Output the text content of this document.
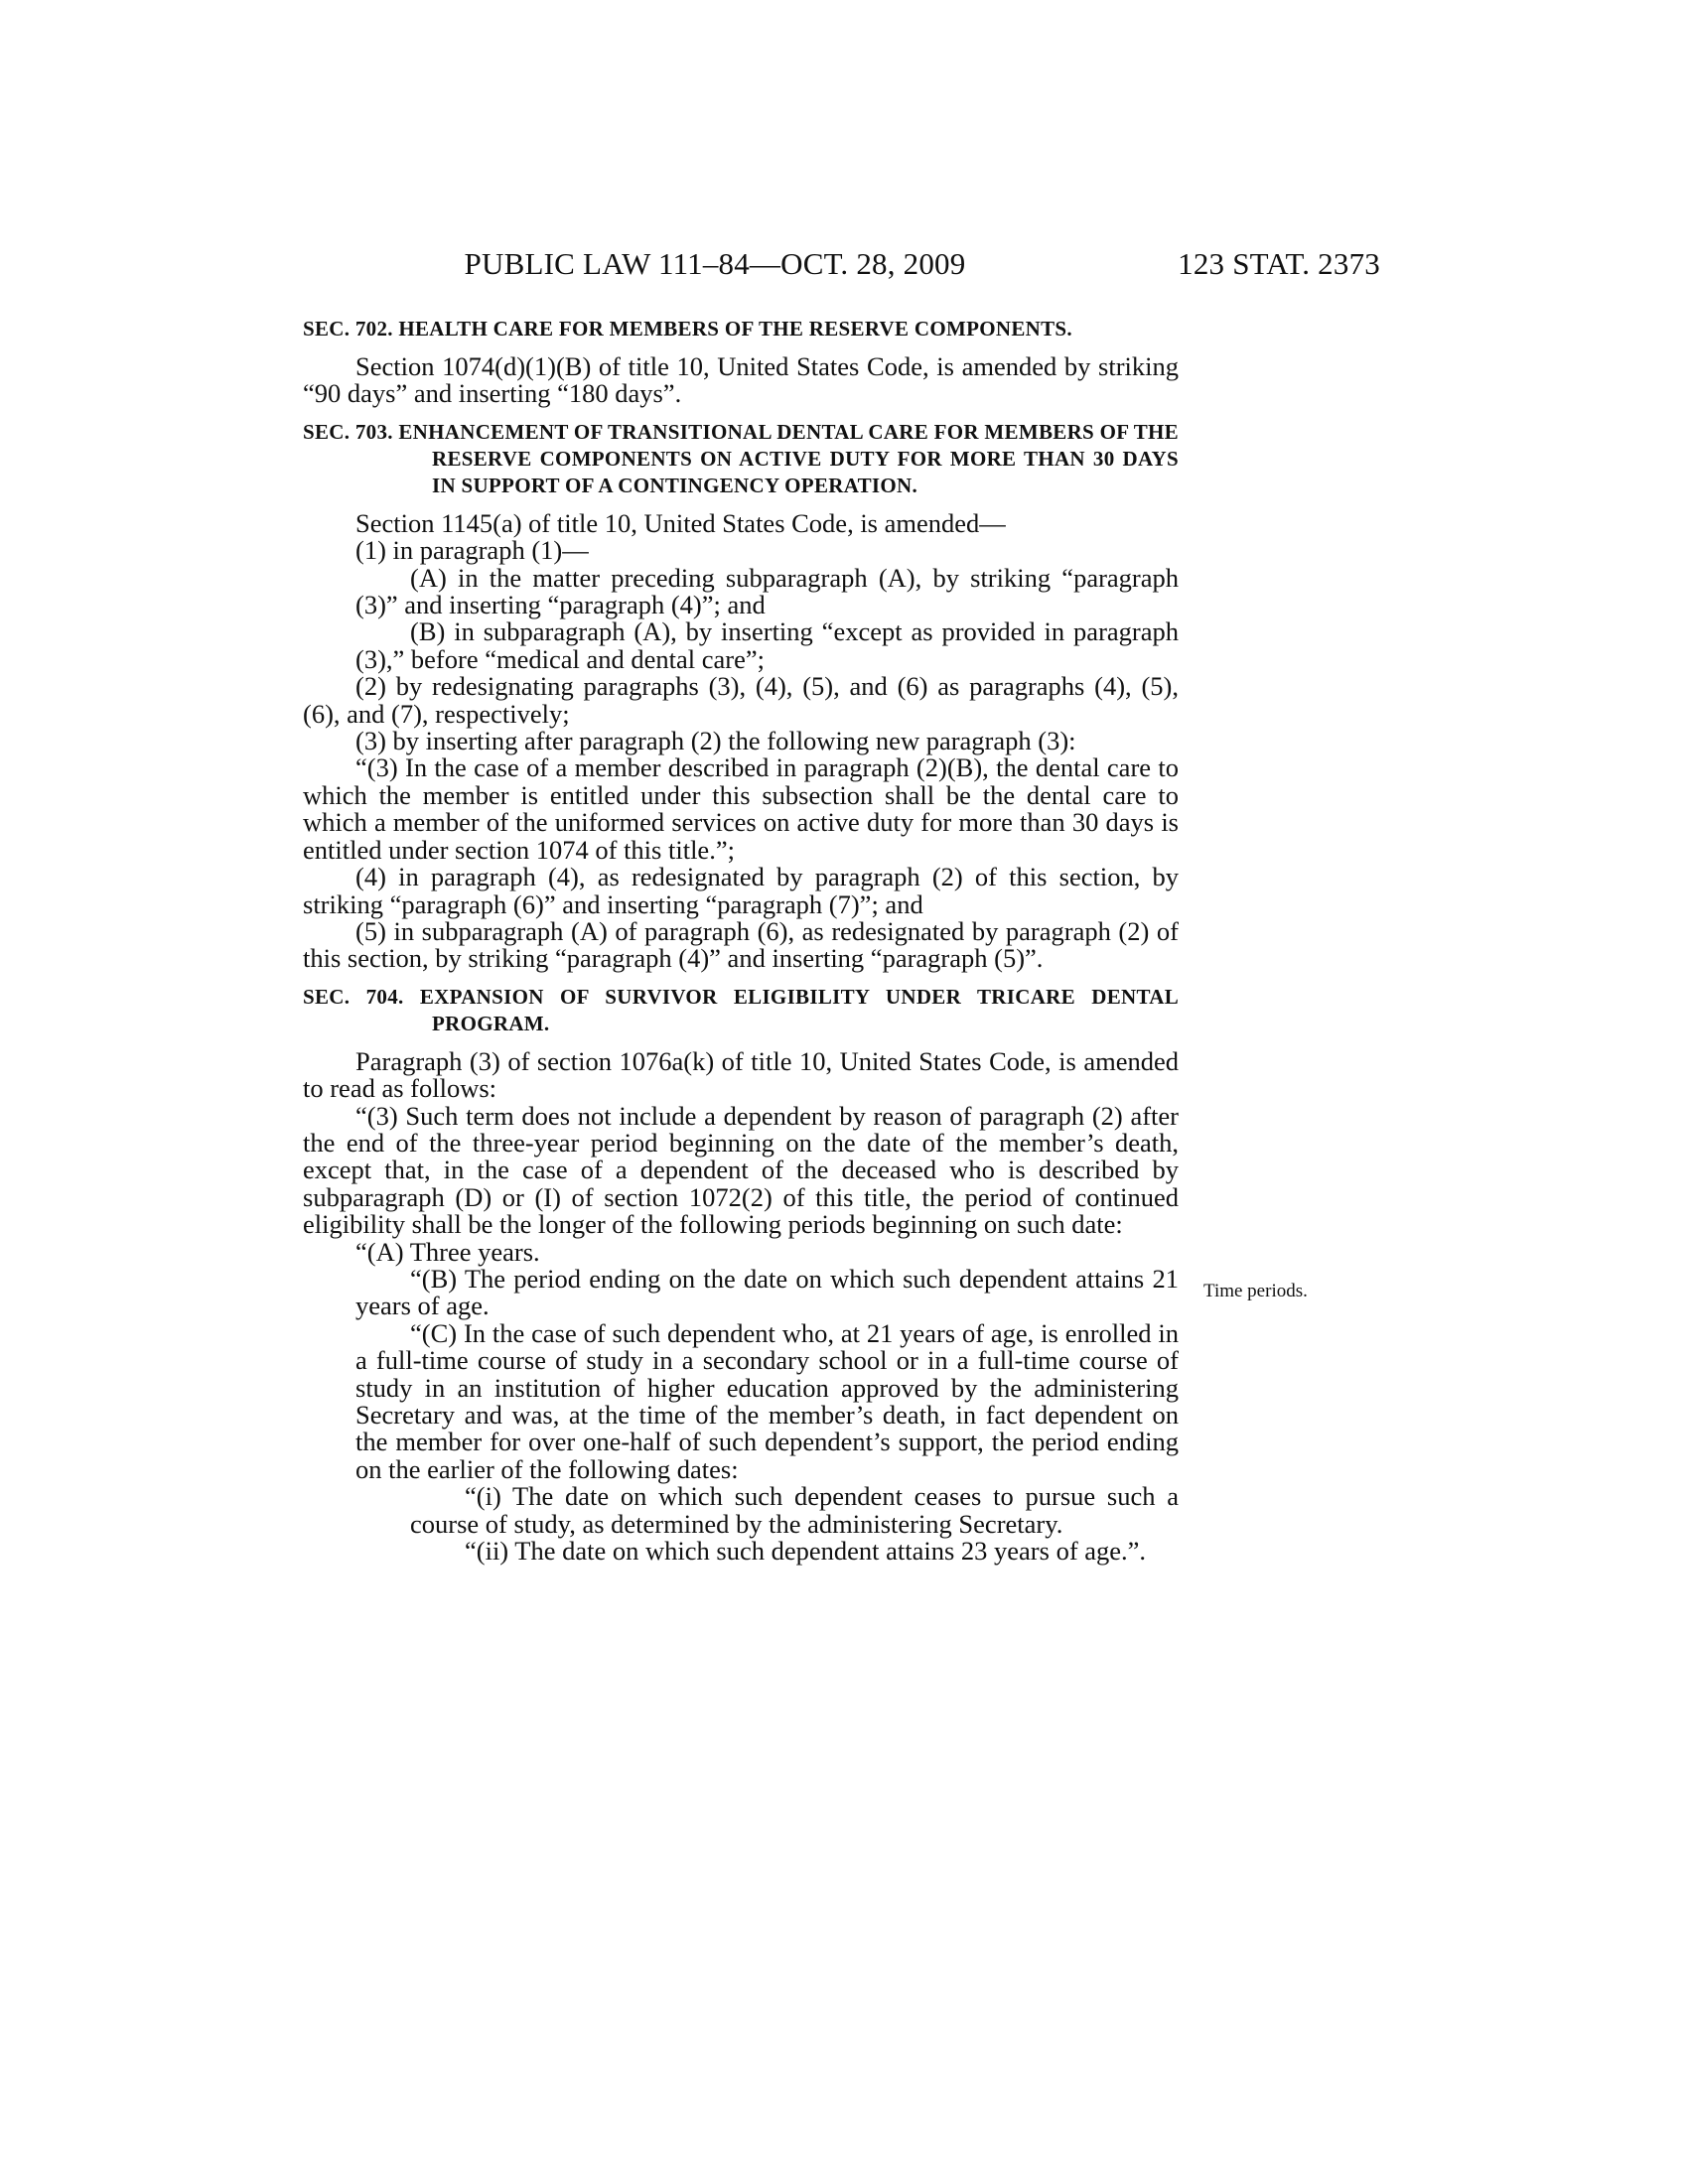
PUBLIC LAW 111–84—OCT. 28, 2009	123 STAT. 2373

SEC. 702. HEALTH CARE FOR MEMBERS OF THE RESERVE COMPONENTS.

Section 1074(d)(1)(B) of title 10, United States Code, is amended by striking “90 days” and inserting “180 days”.

SEC. 703. ENHANCEMENT OF TRANSITIONAL DENTAL CARE FOR MEMBERS OF THE RESERVE COMPONENTS ON ACTIVE DUTY FOR MORE THAN 30 DAYS IN SUPPORT OF A CONTINGENCY OPERATION.

Section 1145(a) of title 10, United States Code, is amended—

(1) in paragraph (1)—

(A) in the matter preceding subparagraph (A), by striking “paragraph (3)” and inserting “paragraph (4)”; and

(B) in subparagraph (A), by inserting “except as provided in paragraph (3),” before “medical and dental care”;

(2) by redesignating paragraphs (3), (4), (5), and (6) as paragraphs (4), (5), (6), and (7), respectively;

(3) by inserting after paragraph (2) the following new paragraph (3):

“(3) In the case of a member described in paragraph (2)(B), the dental care to which the member is entitled under this subsection shall be the dental care to which a member of the uniformed services on active duty for more than 30 days is entitled under section 1074 of this title.”;

(4) in paragraph (4), as redesignated by paragraph (2) of this section, by striking “paragraph (6)” and inserting “paragraph (7)”; and

(5) in subparagraph (A) of paragraph (6), as redesignated by paragraph (2) of this section, by striking “paragraph (4)” and inserting “paragraph (5)”.

SEC. 704. EXPANSION OF SURVIVOR ELIGIBILITY UNDER TRICARE DENTAL PROGRAM.

Paragraph (3) of section 1076a(k) of title 10, United States Code, is amended to read as follows:

“(3) Such term does not include a dependent by reason of paragraph (2) after the end of the three-year period beginning on the date of the member’s death, except that, in the case of a dependent of the deceased who is described by subparagraph (D) or (I) of section 1072(2) of this title, the period of continued eligibility shall be the longer of the following periods beginning on such date:

“(A) Three years.

“(B) The period ending on the date on which such dependent attains 21 years of age.

“(C) In the case of such dependent who, at 21 years of age, is enrolled in a full-time course of study in a secondary school or in a full-time course of study in an institution of higher education approved by the administering Secretary and was, at the time of the member’s death, in fact dependent on the member for over one-half of such dependent’s support, the period ending on the earlier of the following dates:

“(i) The date on which such dependent ceases to pursue such a course of study, as determined by the administering Secretary.

“(ii) The date on which such dependent attains 23 years of age.”.

Time periods.
